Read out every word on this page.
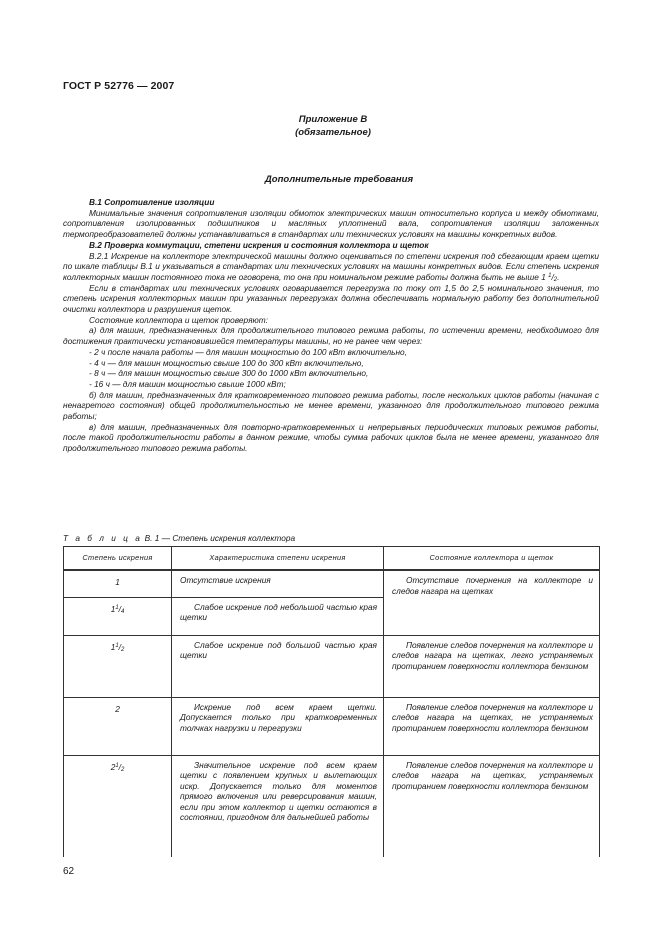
ГОСТ Р 52776 — 2007
Приложение В
(обязательное)
Дополнительные требования

В.1 Сопротивление изоляции

Минимальные значения сопротивления изоляции обмоток электрических машин относительно корпуса и между обмотками, сопротивления изолированных подшипников и масляных уплотнений вала, сопротивления изоляции заложенных термопреобразователей должны устанавливаться в стандартах или технических условиях на машины конкретных видов.

В.2 Проверка коммутации, степени искрения и состояния коллектора и щеток

В.2.1 Искрение на коллекторе электрической машины должно оцениваться по степени искрения под сбегающим краем щетки по шкале таблицы В.1 и указываться в стандартах или технических условиях на машины конкретных видов. Если степень искрения коллекторных машин постоянного тока не оговорена, то она при номинальном режиме работы должна быть не выше 1 $^1/_2$.

Если в стандартах или технических условиях оговаривается перегрузка по току от 1,5 до 2,5 номинального значения, то степень искрения коллекторных машин при указанных перегрузках должна обеспечивать нормальную работу без дополнительной очистки коллектора и разрушения щеток.

Состояние коллектора и щеток проверяют:

а) для машин, предназначенных для продолжительного типового режима работы, по истечении времени, необходимого для достижения практически установившейся температуры машины, но не ранее чем через:

- 2 ч после начала работы — для машин мощностью до 100 кВт включительно,

- 4 ч — для машин мощностью свыше 100 до 300 кВт включительно,

- 8 ч — для машин мощностью свыше 300 до 1000 кВт включительно,

- 16 ч — для машин мощностью свыше 1000 кВт;

б) для машин, предназначенных для кратковременного типового режима работы, после нескольких циклов работы (начиная с ненагретого состояния) общей продолжительностью не менее времени, указанного для продолжительного типового режима работы;

в) для машин, предназначенных для повторно-кратковременных и непрерывных периодических типовых режимов работы, после такой продолжительности работы в данном режиме, чтобы сумма рабочих циклов была не менее времени, указанного для продолжительного типового режима работы.

Т а б л и ц а В. 1 — Степень искрения коллектора
Степень искрения	Характеристика степени искрения	Состояние коллектора и щеток
1	Отсутствие искрения	Отсутствие почернения на коллекторе и следов нагара на щетках

$1^1/_4$	Слабое искрение под небольшой частью края щетки	

$1^1/_2$	Слабое искрение под большой частью края щетки	Появление следов почернения на коллекторе и следов нагара на щетках, легко устраняемых протиранием поверхности коллектора бензином

2	Искрение под всем краем щетки. Допускается только при кратковременных толчках нагрузки и перегрузки	Появление следов почернения на коллекторе и следов нагара на щетках, не устраняемых протиранием поверхности коллектора бензином

$2^1/_2$	Значительное искрение под всем краем щетки с появлением крупных и вылетающих искр. Допускается только для моментов прямого включения или реверсирования машин, если при этом коллектор и щетки остаются в состоянии, пригодном для дальнейшей работы	Появление следов почернения на коллекторе и следов нагара на щетках, устраняемых протиранием поверхности коллектора бензином

62
